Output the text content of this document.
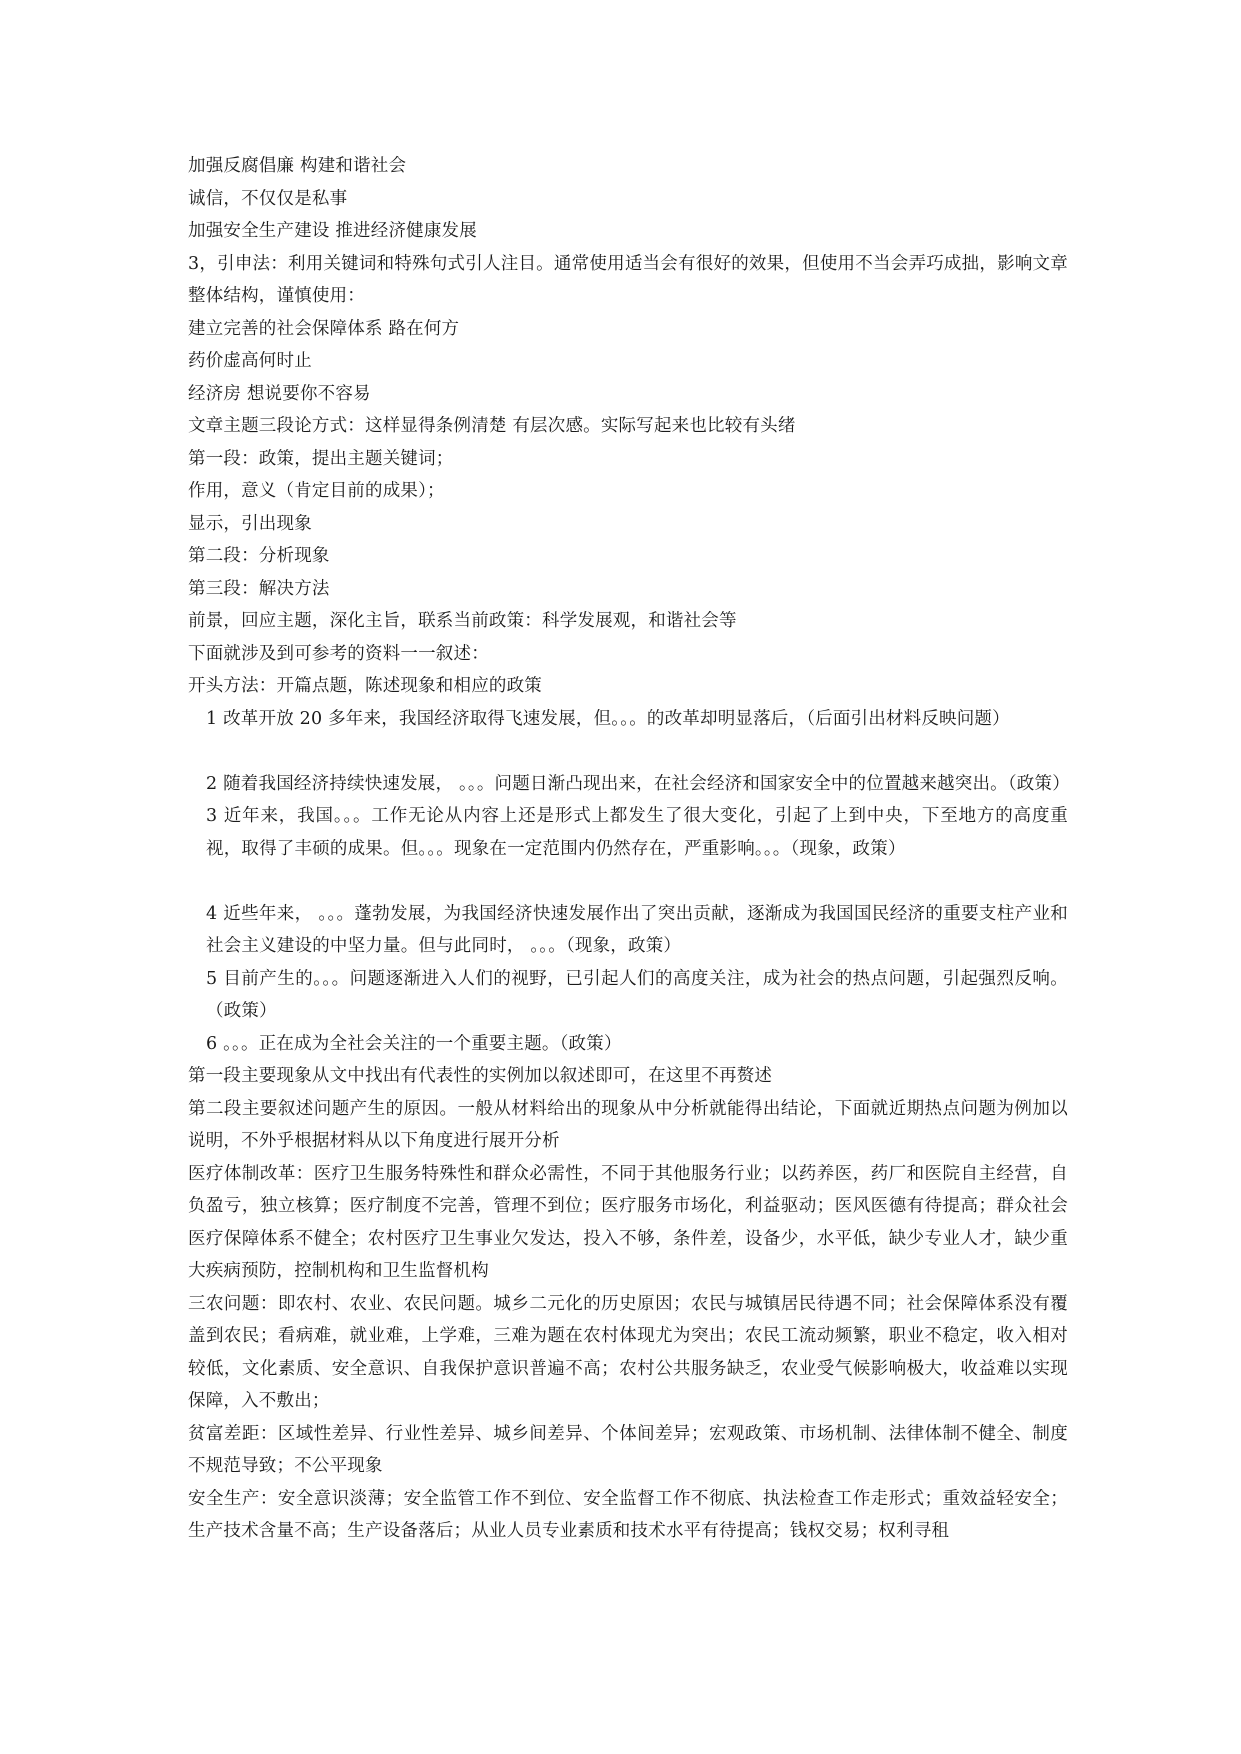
加强反腐倡廉 构建和谐社会

诚信，不仅仅是私事

加强安全生产建设 推进经济健康发展

3，引申法：利用关键词和特殊句式引人注目。通常使用适当会有很好的效果，但使用不当会弄巧成拙，影响文章整体结构，谨慎使用：

建立完善的社会保障体系 路在何方

药价虚高何时止

经济房 想说要你不容易

文章主题三段论方式：这样显得条例清楚 有层次感。实际写起来也比较有头绪

第一段：政策，提出主题关键词；

作用，意义（肯定目前的成果）；

显示，引出现象

第二段：分析现象

第三段：解决方法

前景，回应主题，深化主旨，联系当前政策：科学发展观，和谐社会等

下面就涉及到可参考的资料一一叙述：

开头方法：开篇点题，陈述现象和相应的政策

1 改革开放 20 多年来，我国经济取得飞速发展，但。。。的改革却明显落后，（后面引出材料反映问题）

2 随着我国经济持续快速发展， 。。。问题日渐凸现出来，在社会经济和国家安全中的位置越来越突出。（政策）

3 近年来，我国。。。工作无论从内容上还是形式上都发生了很大变化，引起了上到中央，下至地方的高度重视，取得了丰硕的成果。但。。。现象在一定范围内仍然存在，严重影响。。。（现象，政策）

4 近些年来， 。。。蓬勃发展，为我国经济快速发展作出了突出贡献，逐渐成为我国国民经济的重要支柱产业和社会主义建设的中坚力量。但与此同时， 。。。（现象，政策）

5 目前产生的。。。问题逐渐进入人们的视野，已引起人们的高度关注，成为社会的热点问题，引起强烈反响。（政策）

6 。。。正在成为全社会关注的一个重要主题。（政策）

第一段主要现象从文中找出有代表性的实例加以叙述即可，在这里不再赘述

第二段主要叙述问题产生的原因。一般从材料给出的现象从中分析就能得出结论，下面就近期热点问题为例加以说明，不外乎根据材料从以下角度进行展开分析

医疗体制改革：医疗卫生服务特殊性和群众必需性，不同于其他服务行业；以药养医，药厂和医院自主经营，自负盈亏，独立核算；医疗制度不完善，管理不到位；医疗服务市场化，利益驱动；医风医德有待提高；群众社会医疗保障体系不健全；农村医疗卫生事业欠发达，投入不够，条件差，设备少，水平低，缺少专业人才，缺少重大疾病预防，控制机构和卫生监督机构

三农问题：即农村、农业、农民问题。城乡二元化的历史原因；农民与城镇居民待遇不同；社会保障体系没有覆盖到农民；看病难，就业难，上学难，三难为题在农村体现尤为突出；农民工流动频繁，职业不稳定，收入相对较低，文化素质、安全意识、自我保护意识普遍不高；农村公共服务缺乏，农业受气候影响极大，收益难以实现保障，入不敷出；

贫富差距：区域性差异、行业性差异、城乡间差异、个体间差异；宏观政策、市场机制、法律体制不健全、制度不规范导致；不公平现象

安全生产：安全意识淡薄；安全监管工作不到位、安全监督工作不彻底、执法检查工作走形式；重效益轻安全；生产技术含量不高；生产设备落后；从业人员专业素质和技术水平有待提高；钱权交易；权利寻租
